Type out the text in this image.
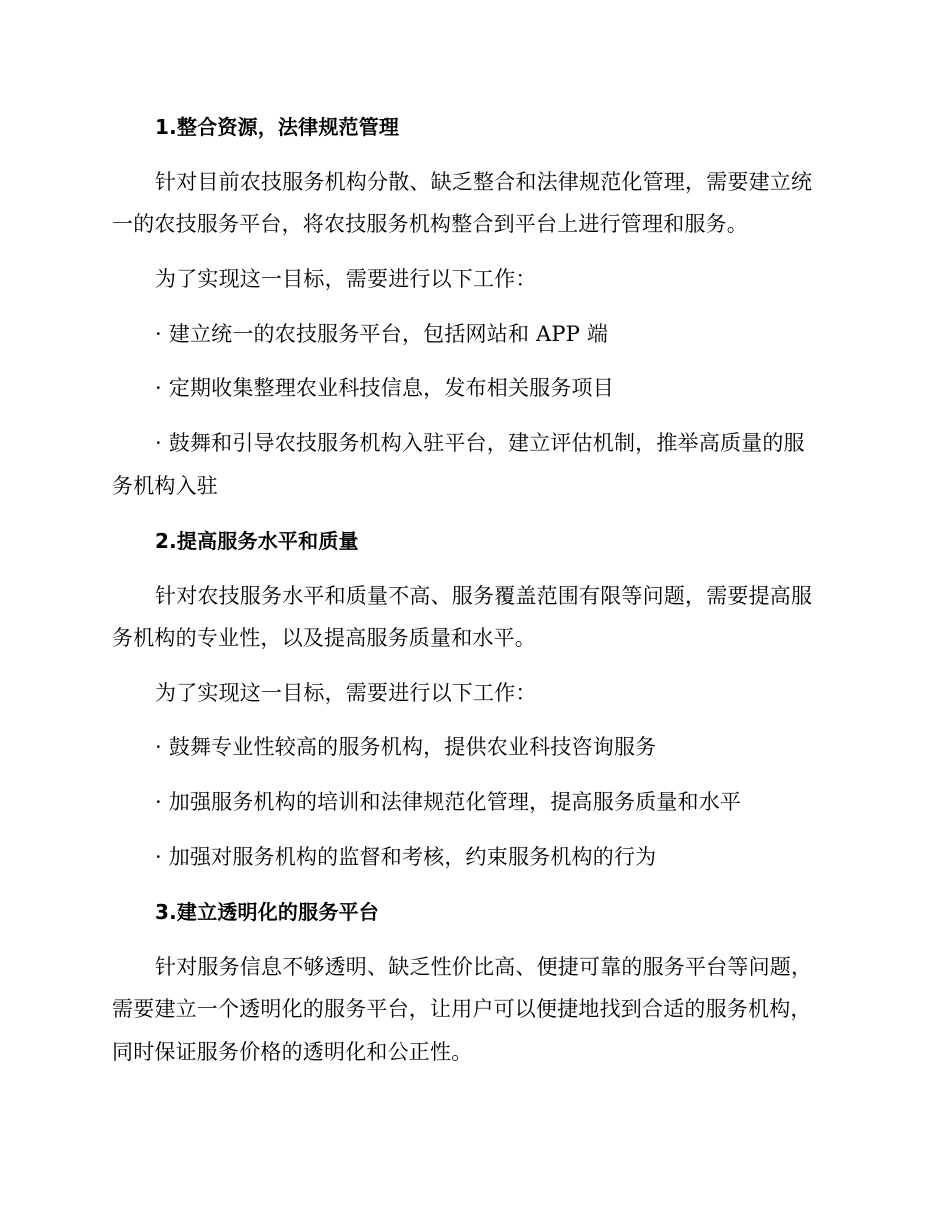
1.整合资源，法律规范管理
针对目前农技服务机构分散、缺乏整合和法律规范化管理，需要建立统
一的农技服务平台，将农技服务机构整合到平台上进行管理和服务。
为了实现这一目标，需要进行以下工作：
· 建立统一的农技服务平台，包括网站和 APP 端
· 定期收集整理农业科技信息，发布相关服务项目
· 鼓舞和引导农技服务机构入驻平台，建立评估机制，推举高质量的服
务机构入驻
2.提高服务水平和质量
针对农技服务水平和质量不高、服务覆盖范围有限等问题，需要提高服
务机构的专业性，以及提高服务质量和水平。
为了实现这一目标，需要进行以下工作：
· 鼓舞专业性较高的服务机构，提供农业科技咨询服务
· 加强服务机构的培训和法律规范化管理，提高服务质量和水平
· 加强对服务机构的监督和考核，约束服务机构的行为
3.建立透明化的服务平台
针对服务信息不够透明、缺乏性价比高、便捷可靠的服务平台等问题，
需要建立一个透明化的服务平台，让用户可以便捷地找到合适的服务机构，
同时保证服务价格的透明化和公正性。
